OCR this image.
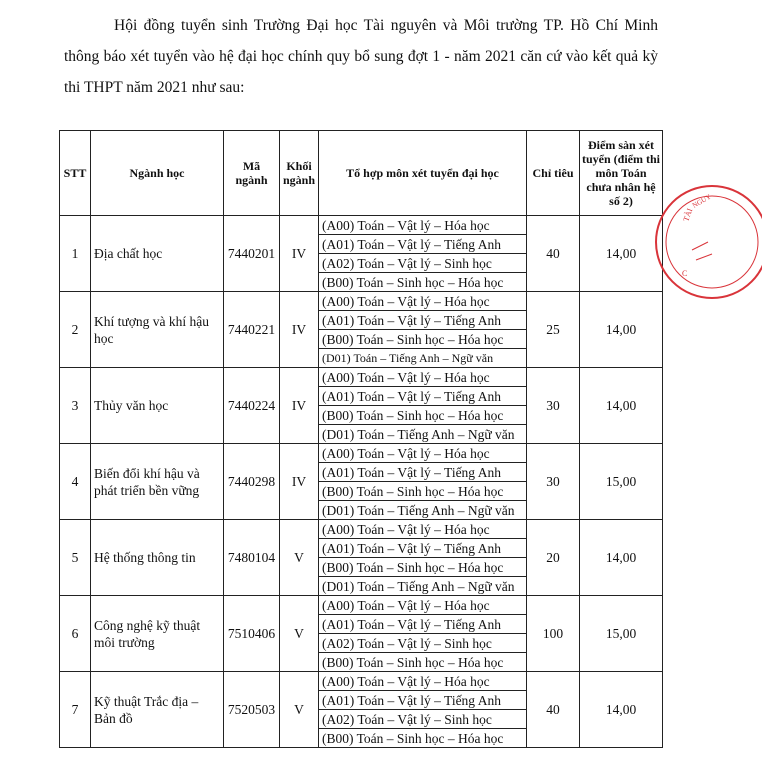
Hội đồng tuyển sinh Trường Đại học Tài nguyên và Môi trường TP. Hồ Chí Minh thông báo xét tuyển vào hệ đại học chính quy bổ sung đợt 1 - năm 2021 căn cứ vào kết quả kỳ thi THPT năm 2021 như sau:

STT	Ngành học	Mã ngành	Khối ngành	Tổ hợp môn xét tuyển đại học	Chỉ tiêu	Điểm sàn xét tuyển (điểm thi môn Toán chưa nhân hệ số 2)
1	Địa chất học	7440201	IV	(A00) Toán – Vật lý – Hóa học	40	14,00
				(A01) Toán – Vật lý – Tiếng Anh		
				(A02) Toán – Vật lý – Sinh học		
				(B00) Toán – Sinh học – Hóa học		
2	Khí tượng và khí hậu học	7440221	IV	(A00) Toán – Vật lý – Hóa học	25	14,00
				(A01) Toán – Vật lý – Tiếng Anh		
				(B00) Toán – Sinh học – Hóa học		
				(D01) Toán – Tiếng Anh – Ngữ văn		
3	Thủy văn học	7440224	IV	(A00) Toán – Vật lý – Hóa học	30	14,00
				(A01) Toán – Vật lý – Tiếng Anh		
				(B00) Toán – Sinh học – Hóa học		
				(D01) Toán – Tiếng Anh – Ngữ văn		
4	Biến đổi khí hậu và phát triển bền vững	7440298	IV	(A00) Toán – Vật lý – Hóa học	30	15,00
				(A01) Toán – Vật lý – Tiếng Anh		
				(B00) Toán – Sinh học – Hóa học		
				(D01) Toán – Tiếng Anh – Ngữ văn		
5	Hệ thống thông tin	7480104	V	(A00) Toán – Vật lý – Hóa học	20	14,00
				(A01) Toán – Vật lý – Tiếng Anh		
				(B00) Toán – Sinh học – Hóa học		
				(D01) Toán – Tiếng Anh – Ngữ văn		
6	Công nghệ kỹ thuật môi trường	7510406	V	(A00) Toán – Vật lý – Hóa học	100	15,00
				(A01) Toán – Vật lý – Tiếng Anh		
				(A02) Toán – Vật lý – Sinh học		
				(B00) Toán – Sinh học – Hóa học		
7	Kỹ thuật Trắc địa – Bản đồ	7520503	V	(A00) Toán – Vật lý – Hóa học	40	14,00
				(A01) Toán – Vật lý – Tiếng Anh		
				(A02) Toán – Vật lý – Sinh học		
				(B00) Toán – Sinh học – Hóa học		
TÀI
NGUY
C
